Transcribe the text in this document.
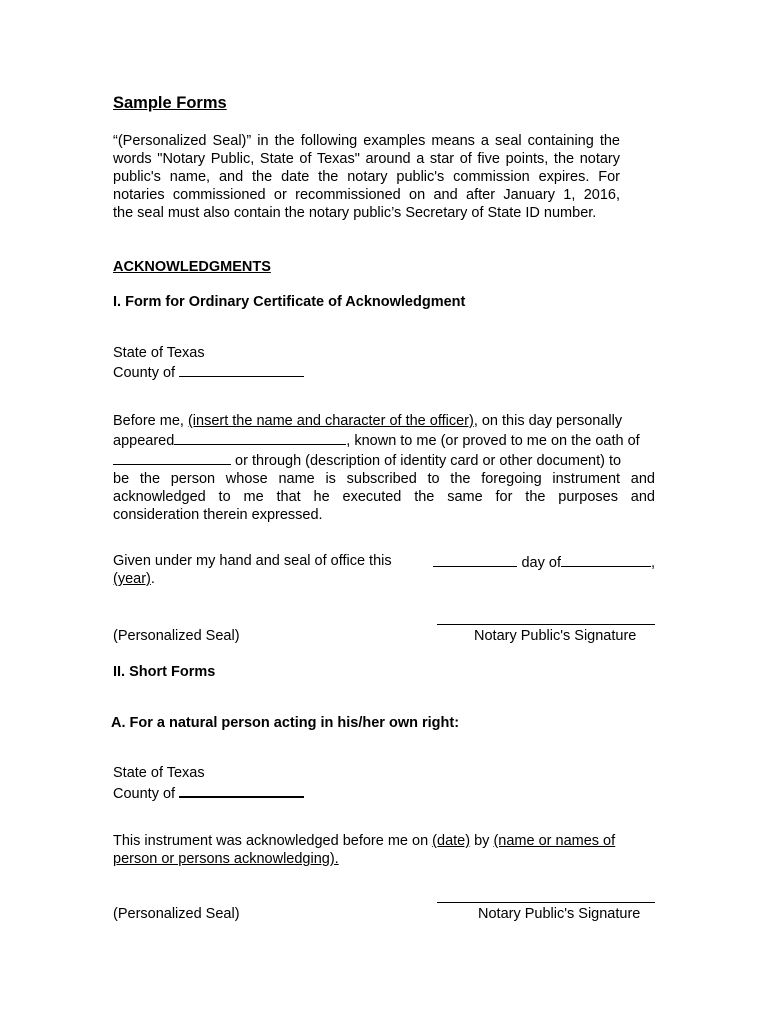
Sample Forms
“(Personalized Seal)” in the following examples means a seal containing the
words "Notary Public, State of Texas" around a star of five points, the notary
public's name, and the date the notary public's commission expires. For
notaries commissioned or recommissioned on and after January 1, 2016,
the seal must also contain the notary public’s Secretary of State ID number.
ACKNOWLEDGMENTS
I. Form for Ordinary Certificate of Acknowledgment
State of Texas
County of
Before me, (insert the name and character of the officer), on this day personally
appeared	, known to me (or proved to me on the oath of
or through (description of identity card or other document) to
be the person whose name is subscribed to the foregoing instrument and
acknowledged to me that he executed the same for the purposes and
consideration therein expressed.
Given under my hand and seal of office this	day of	,
(year).
(Personalized Seal)	Notary Public's Signature
II. Short Forms
A. For a natural person acting in his/her own right:
State of Texas
County of
This instrument was acknowledged before me on (date) by (name or names of
person or persons acknowledging).
(Personalized Seal)	Notary Public's Signature
